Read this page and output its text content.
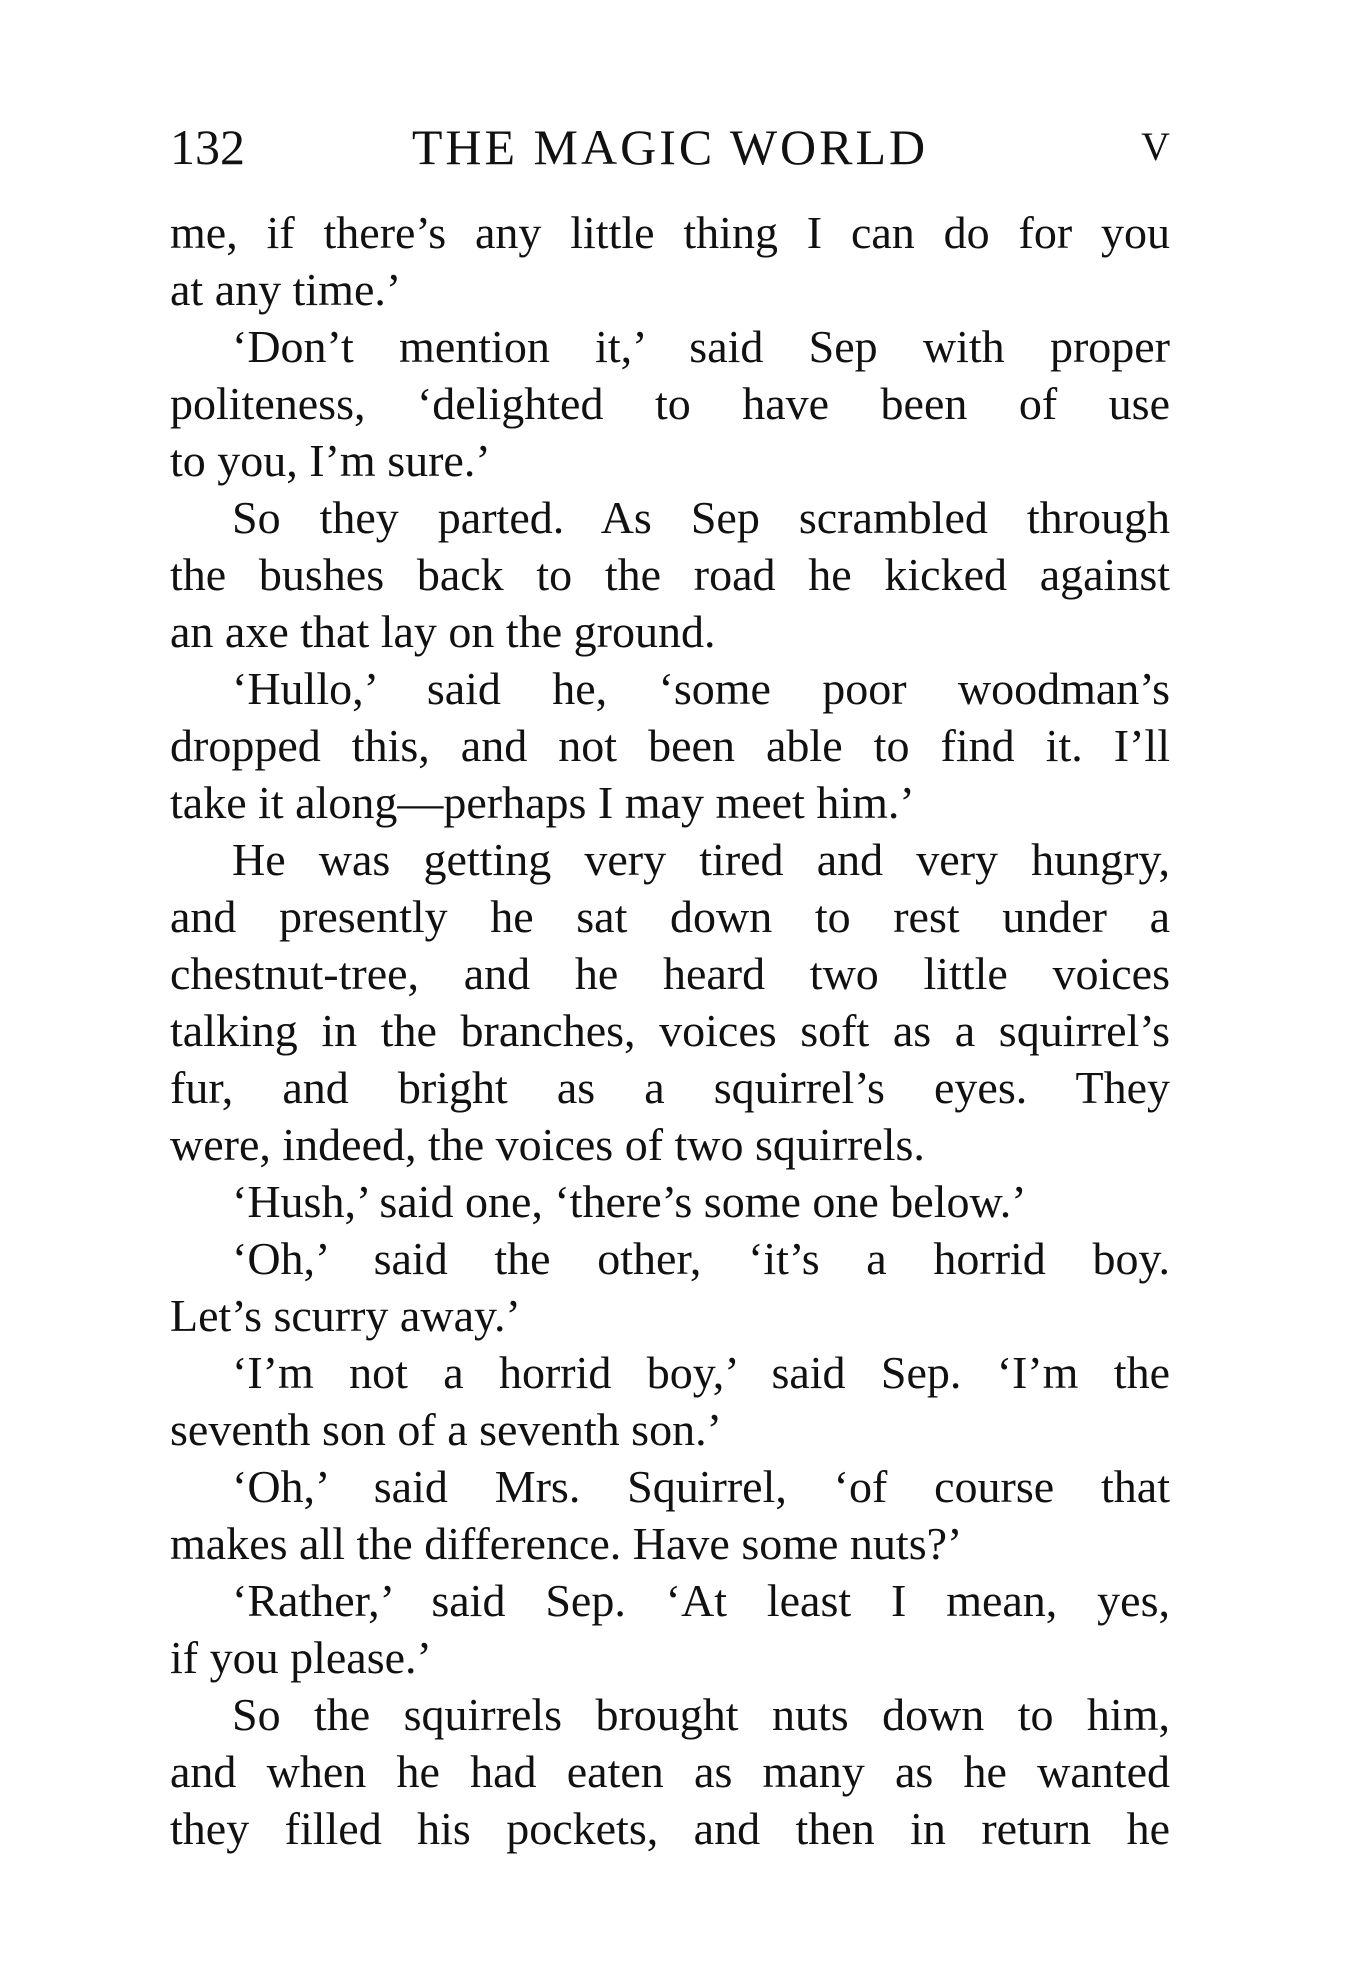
132	THE MAGIC WORLD	V
me, if there’s any little thing I can do for you
at any time.’
‘Don’t mention it,’ said Sep with proper
politeness, ‘delighted to have been of use
to you, I’m sure.’
So they parted. As Sep scrambled through
the bushes back to the road he kicked against
an axe that lay on the ground.
‘Hullo,’ said he, ‘some poor woodman’s
dropped this, and not been able to find it. I’ll
take it along—perhaps I may meet him.’
He was getting very tired and very hungry,
and presently he sat down to rest under a
chestnut-tree, and he heard two little voices
talking in the branches, voices soft as a squirrel’s
fur, and bright as a squirrel’s eyes. They
were, indeed, the voices of two squirrels.
‘Hush,’ said one, ‘there’s some one below.’
‘Oh,’ said the other, ‘it’s a horrid boy.
Let’s scurry away.’
‘I’m not a horrid boy,’ said Sep. ‘I’m the
seventh son of a seventh son.’
‘Oh,’ said Mrs. Squirrel, ‘of course that
makes all the difference. Have some nuts?’
‘Rather,’ said Sep. ‘At least I mean, yes,
if you please.’
So the squirrels brought nuts down to him,
and when he had eaten as many as he wanted
they filled his pockets, and then in return he
